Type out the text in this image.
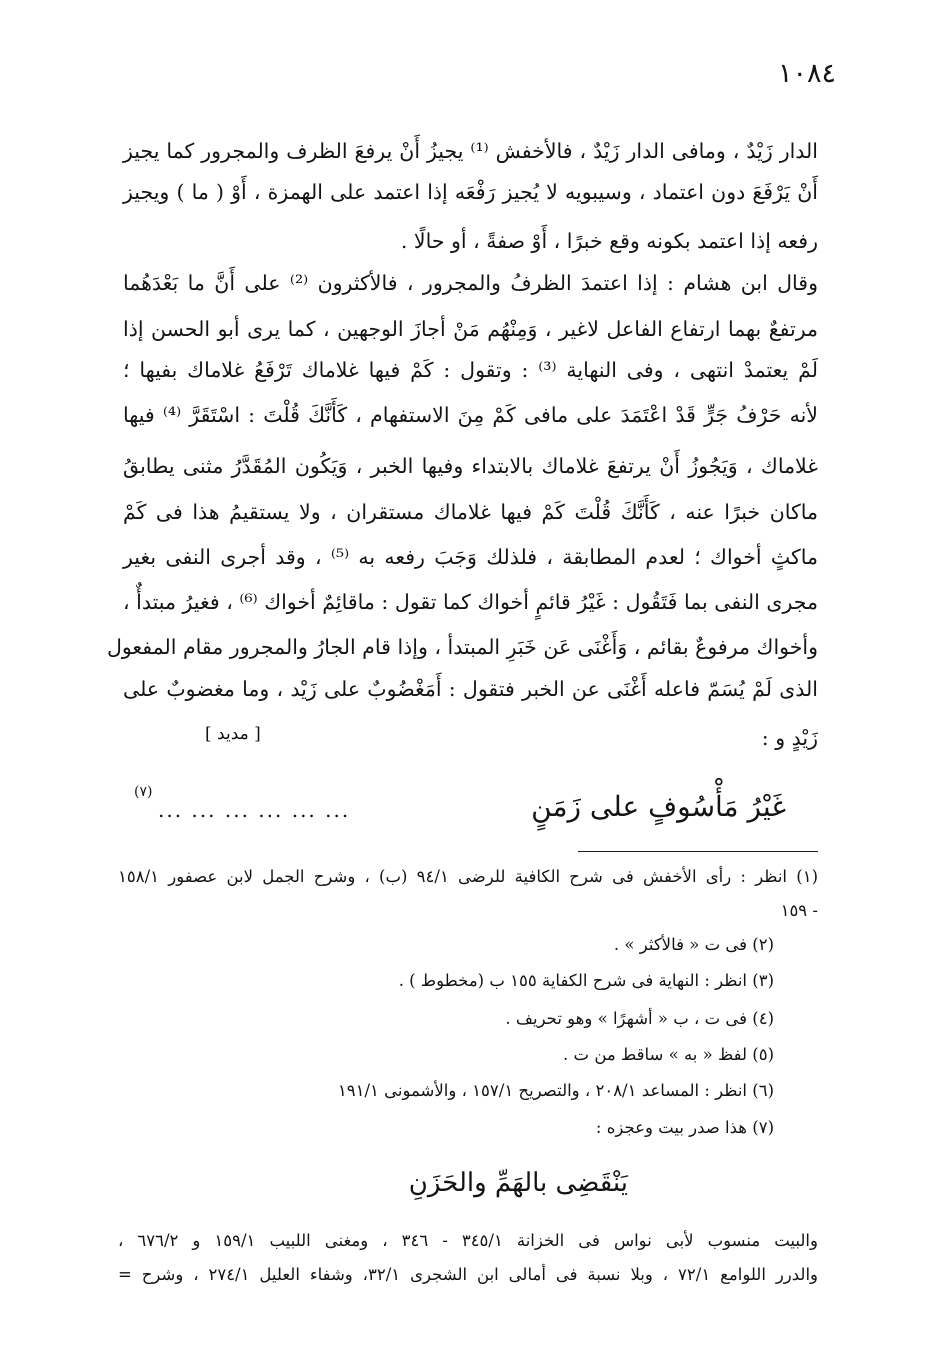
١٠٨٤
الدار زَيْدٌ ، ومافى الدار زَيْدٌ ، فالأخفش ⁽¹⁾ يجيزُ أَنْ يرفعَ الظرف والمجرور كما يجيز
أَنْ يَرْفَعَ دون اعتماد ، وسيبويه لا يُجيز رَفْعَه إذا اعتمد على الهمزة ، أَوْ ( ما ) ويجيز
رفعه إذا اعتمد بكونه وقع خبرًا ، أَوْ صفةً ، أو حالًا .
وقال ابن هشام : إذا اعتمدَ الظرفُ والمجرور ، فالأكثرون ⁽²⁾ على أَنَّ ما بَعْدَهُما
مرتفعٌ بهما ارتفاع الفاعل لاغير ، وَمِنْهُم مَنْ أجازَ الوجهين ، كما يرى أبو الحسن إذا
لَمْ يعتمدْ انتهى ، وفى النهاية ⁽³⁾ : وتقول : كَمْ فيها غلاماك تَرْفَعُ غلاماك بفيها ؛
لأنه حَرْفُ جَرٍّ قَدْ اعْتَمَدَ على مافى كَمْ مِنَ الاستفهام ، كَأَنَّكَ قُلْتَ : اسْتَقَرَّ ⁽⁴⁾ فيها
غلاماك ، وَيَجُوزُ أَنْ يرتفعَ غلاماك بالابتداء وفيها الخبر ، وَيَكُون المُقَدَّرُ مثنى يطابقُ
ماكان خبرًا عنه ، كَأَنَّكَ قُلْتَ كَمْ فيها غلاماك مستقران ، ولا يستقيمُ هذا فى كَمْ
ماكثٍ أخواك ؛ لعدم المطابقة ، فلذلك وَجَبَ رفعه به ⁽⁵⁾ ، وقد أجرى النفى بغير
مجرى النفى بما فَتَقُول : غَيْرُ قائمٍ أخواك كما تقول : ماقائِمٌ أخواك ⁽⁶⁾ ، فغيرُ مبتدأٌ ،
وأخواك مرفوعٌ بقائم ، وَأَغْنَى عَن خَبَرِ المبتدأ ، وإذا قام الجارُ والمجرور مقام المفعول
الذى لَمْ يُسَمّ فاعله أَغْنَى عن الخبر فتقول : أَمَغْضُوبٌ على زَيْد ، وما مغضوبٌ على
زَيْدٍ و :
[ مديد ]
غَيْرُ مَأْسُوفٍ على زَمَنٍ
... ... ... ... ... ...
(٧)
(١) انظر : رأى الأخفش فى شرح الكافية للرضى ٩٤/١ (ب) ، وشرح الجمل لابن عصفور ١٥٨/١
- ١٥٩
(٢) فى ت « فالأكثر » .
(٣) انظر : النهاية فى شرح الكفاية ١٥٥ ب (مخطوط ) .
(٤) فى ت ، ب « أشهرًا » وهو تحريف .
(٥) لفظ « به » ساقط من ت .
(٦) انظر : المساعد ٢٠٨/١ ، والتصريح ١٥٧/١ ، والأشمونى ١٩١/١
(٧) هذا صدر بيت وعجزه :
يَنْقَضِى بالهَمِّ والحَزَنِ
والبيت منسوب لأبى نواس فى الخزانة ٣٤٥/١ - ٣٤٦ ، ومغنى اللبيب ١٥٩/١ و ٦٧٦/٢ ،
والدرر اللوامع ٧٢/١ ، وبلا نسبة فى أمالى ابن الشجرى ٣٢/١، وشفاء العليل ٢٧٤/١ ، وشرح =
